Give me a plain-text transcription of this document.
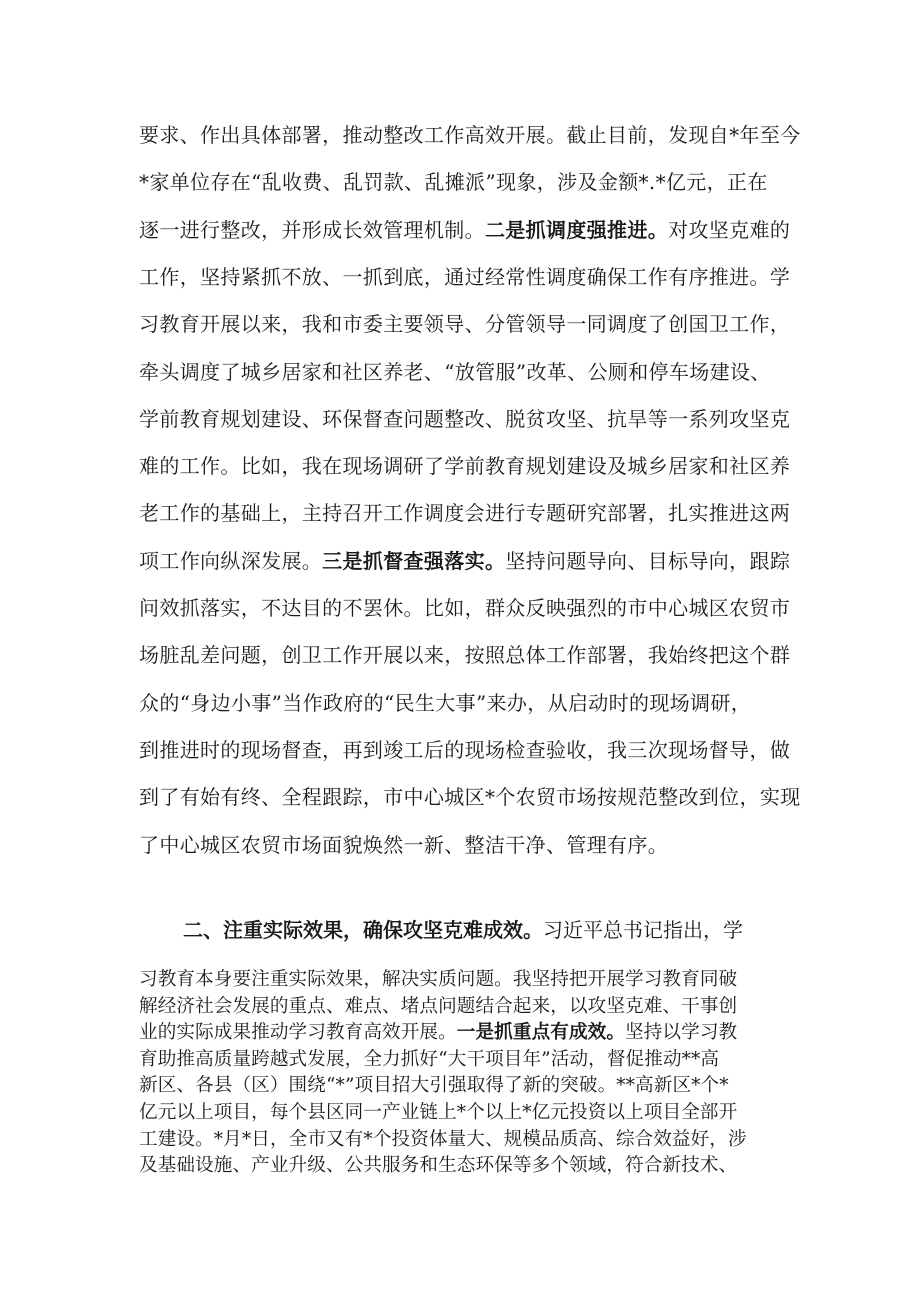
要求、作出具体部署，推动整改工作高效开展。截止目前，发现自*年至今
*家单位存在“乱收费、乱罚款、乱摊派”现象，涉及金额*.*亿元，正在
逐一进行整改，并形成长效管理机制。二是抓调度强推进。对攻坚克难的
工作，坚持紧抓不放、一抓到底，通过经常性调度确保工作有序推进。学
习教育开展以来，我和市委主要领导、分管领导一同调度了创国卫工作，
牵头调度了城乡居家和社区养老、“放管服”改革、公厕和停车场建设、
学前教育规划建设、环保督查问题整改、脱贫攻坚、抗旱等一系列攻坚克
难的工作。比如，我在现场调研了学前教育规划建设及城乡居家和社区养
老工作的基础上，主持召开工作调度会进行专题研究部署，扎实推进这两
项工作向纵深发展。三是抓督查强落实。坚持问题导向、目标导向，跟踪
问效抓落实，不达目的不罢休。比如，群众反映强烈的市中心城区农贸市
场脏乱差问题，创卫工作开展以来，按照总体工作部署，我始终把这个群
众的“身边小事”当作政府的“民生大事”来办，从启动时的现场调研，
到推进时的现场督查，再到竣工后的现场检查验收，我三次现场督导，做
到了有始有终、全程跟踪，市中心城区*个农贸市场按规范整改到位，实现
了中心城区农贸市场面貌焕然一新、整洁干净、管理有序。
二、注重实际效果，确保攻坚克难成效。习近平总书记指出，学
习教育本身要注重实际效果，解决实质问题。我坚持把开展学习教育同破
解经济社会发展的重点、难点、堵点问题结合起来，以攻坚克难、干事创
业的实际成果推动学习教育高效开展。一是抓重点有成效。坚持以学习教
育助推高质量跨越式发展，全力抓好“大干项目年”活动，督促推动**高
新区、各县（区）围绕“*”项目招大引强取得了新的突破。**高新区*个*
亿元以上项目，每个县区同一产业链上*个以上*亿元投资以上项目全部开
工建设。*月*日，全市又有*个投资体量大、规模品质高、综合效益好，涉
及基础设施、产业升级、公共服务和生态环保等多个领域，符合新技术、
